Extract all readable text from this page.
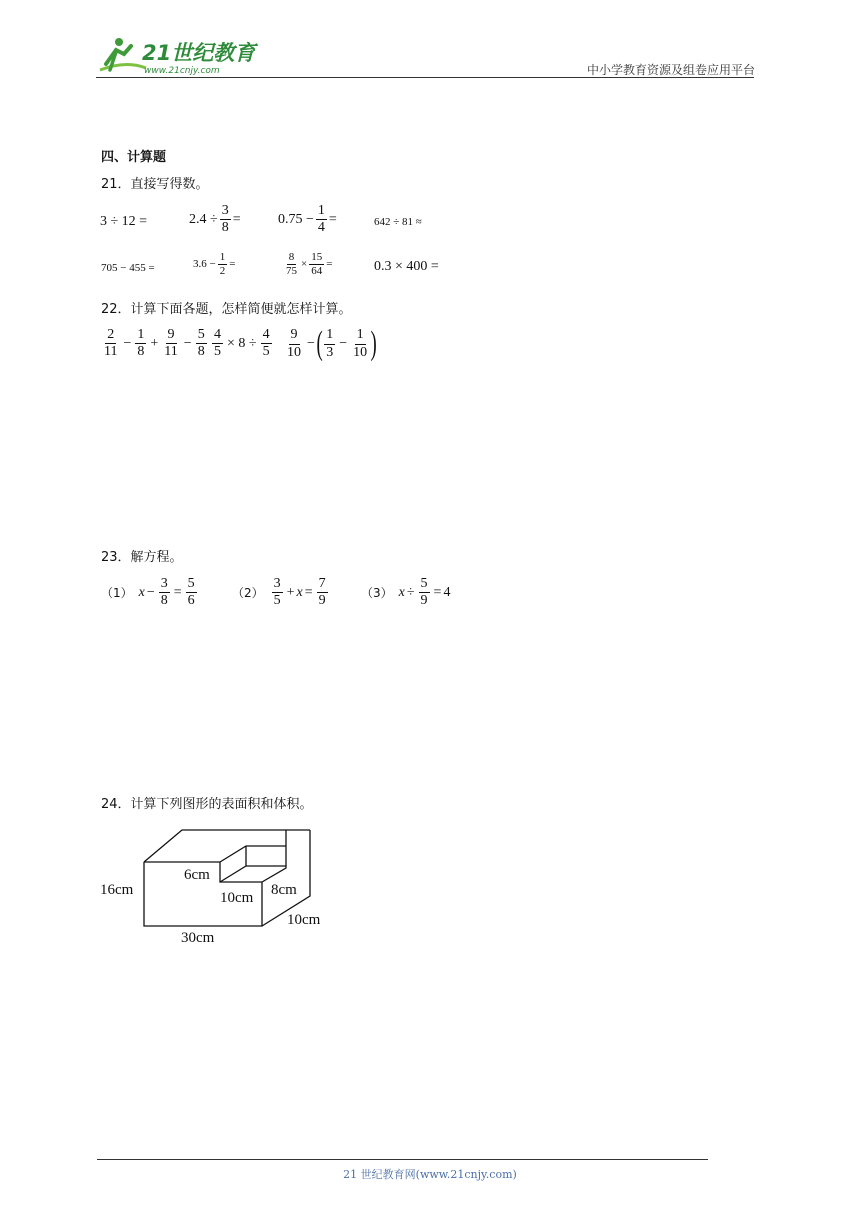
21世纪教育
www.21cnjy.com	中小学教育资源及组卷应用平台
四、计算题
21．直接写得数。
3 ÷ 12 =	$2.4 \div \frac{3}{8}$ =	$0.75 - \frac{1}{4}$ =	642 ÷ 81 ≈
705 − 455 =	$3.6 - \frac{1}{2}$ =	$\frac{8}{75} \times \frac{15}{64}$ =	0.3 × 400 =
22．计算下面各题，怎样简便就怎样计算。
$\frac{2}{11} - \frac{1}{8} + \frac{9}{11} - \frac{5}{8} \frac{4}{5} \times 8 \div \frac{4}{5} \frac{9}{10}$ − ( $\frac{1}{3} - \frac{1}{10}$ )
23．解方程。
（1） $x - \frac{3}{8} = \frac{5}{6}$	$(2) \frac{3}{5} + x = \frac{7}{9}$	（3） $x \div \frac{5}{9} = 4$
24．计算下列图形的表面积和体积。
16cm
6cm
10cm 8cm
10cm
30cm
21 世纪教育网(www.21cnjy.com)
